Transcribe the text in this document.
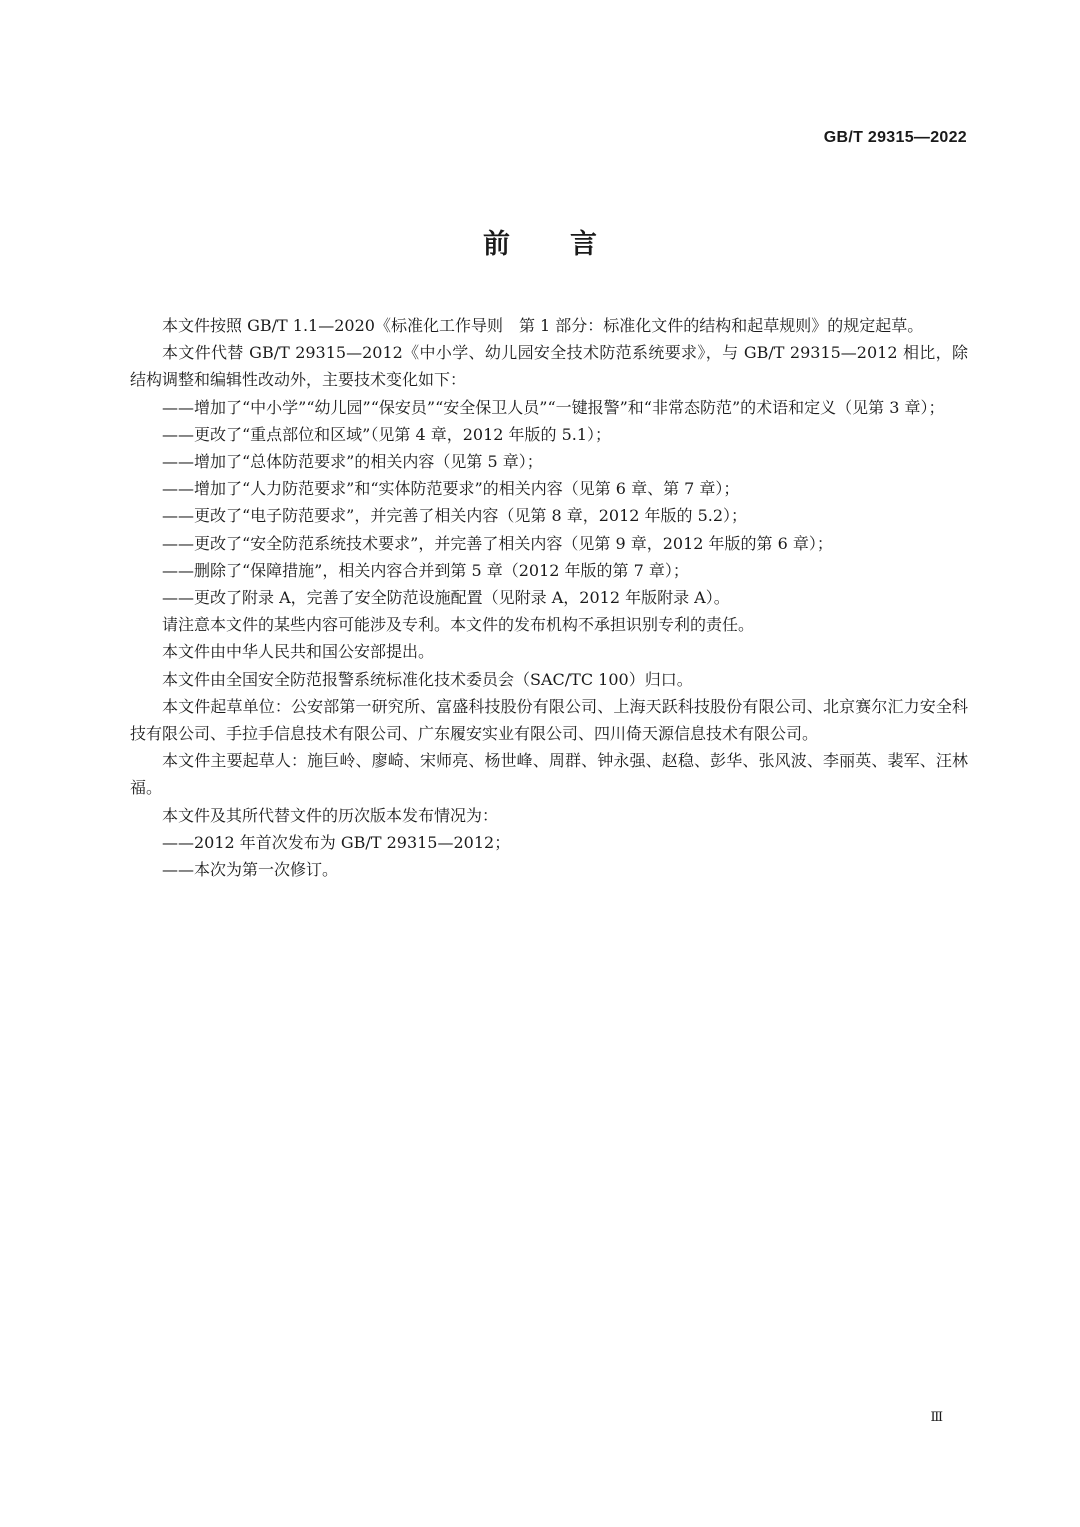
GB/T 29315—2022
前言

本文件按照 GB/T 1.1—2020《标准化工作导则　第 1 部分：标准化文件的结构和起草规则》的规定起草。

本文件代替 GB/T 29315—2012《中小学、幼儿园安全技术防范系统要求》，与 GB/T 29315—2012 相比，除结构调整和编辑性改动外，主要技术变化如下：

——增加了“中小学”“幼儿园”“保安员”“安全保卫人员”“一键报警”和“非常态防范”的术语和定义（见第 3 章）；

——更改了“重点部位和区域”（见第 4 章，2012 年版的 5.1）；

——增加了“总体防范要求”的相关内容（见第 5 章）；

——增加了“人力防范要求”和“实体防范要求”的相关内容（见第 6 章、第 7 章）；

——更改了“电子防范要求”，并完善了相关内容（见第 8 章，2012 年版的 5.2）；

——更改了“安全防范系统技术要求”，并完善了相关内容（见第 9 章，2012 年版的第 6 章）；

——删除了“保障措施”，相关内容合并到第 5 章（2012 年版的第 7 章）；

——更改了附录 A，完善了安全防范设施配置（见附录 A，2012 年版附录 A）。

请注意本文件的某些内容可能涉及专利。本文件的发布机构不承担识别专利的责任。

本文件由中华人民共和国公安部提出。

本文件由全国安全防范报警系统标准化技术委员会（SAC/TC 100）归口。

本文件起草单位：公安部第一研究所、富盛科技股份有限公司、上海天跃科技股份有限公司、北京赛尔汇力安全科技有限公司、手拉手信息技术有限公司、广东履安实业有限公司、四川倚天源信息技术有限公司。

本文件主要起草人：施巨岭、廖崎、宋师亮、杨世峰、周群、钟永强、赵稳、彭华、张风波、李丽英、裴军、汪林福。

本文件及其所代替文件的历次版本发布情况为：

——2012 年首次发布为 GB/T 29315—2012；

——本次为第一次修订。

Ⅲ
